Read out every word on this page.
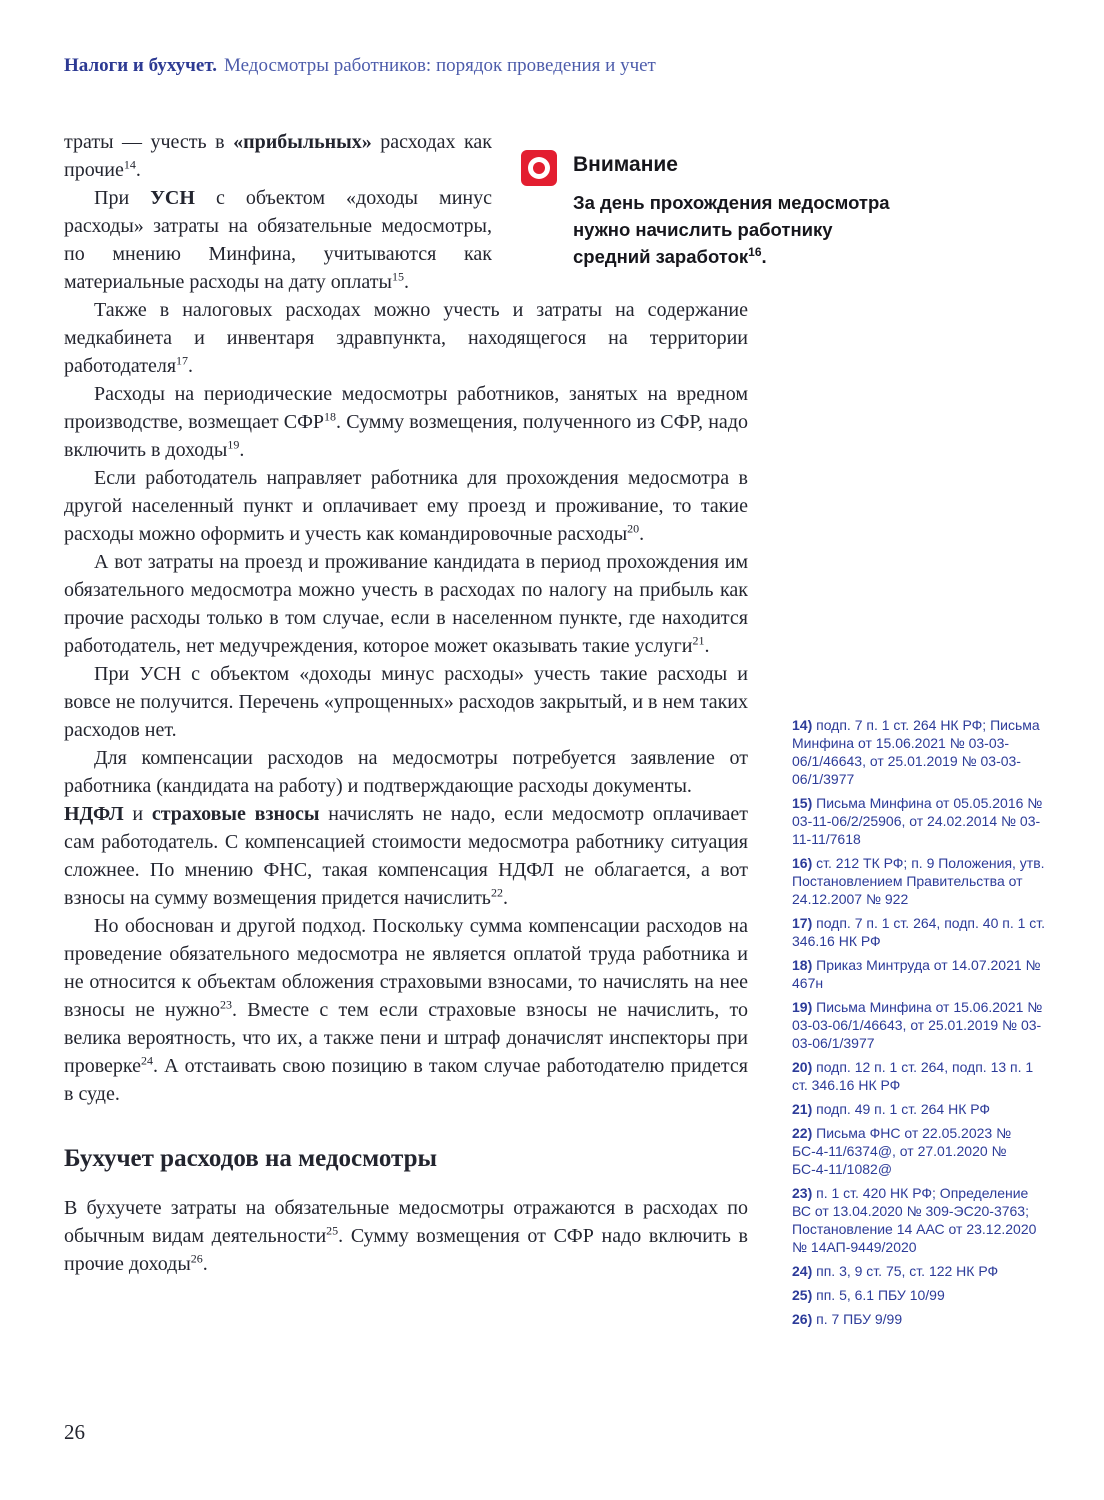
Налоги и бухучет. Медосмотры работников: порядок проведения и учет

траты — учесть в «прибыльных» расходах как прочие$^{14}$.

При УСН с объектом «доходы минус расходы» затраты на обязательные медосмотры, по мнению Минфина, учитываются как материальные расходы на дату оплаты$^{15}$.

Также в налоговых расходах можно учесть и затраты на содержание медкабинета и инвентаря здравпункта, находящегося на территории работодателя$^{17}$.

Расходы на периодические медосмотры работников, занятых на вредном производстве, возмещает СФР$^{18}$. Сумму возмещения, полученного из СФР, надо включить в доходы$^{19}$.

Если работодатель направляет работника для прохождения медосмотра в другой населенный пункт и оплачивает ему проезд и проживание, то такие расходы можно оформить и учесть как командировочные расходы$^{20}$.

А вот затраты на проезд и проживание кандидата в период прохождения им обязательного медосмотра можно учесть в расходах по налогу на прибыль как прочие расходы только в том случае, если в населенном пункте, где находится работодатель, нет медучреждения, которое может оказывать такие услуги$^{21}$.

При УСН с объектом «доходы минус расходы» учесть такие расходы и вовсе не получится. Перечень «упрощенных» расходов закрытый, и в нем таких расходов нет.

Для компенсации расходов на медосмотры потребуется заявление от работника (кандидата на работу) и подтверждающие расходы документы.

НДФЛ и страховые взносы начислять не надо, если медосмотр оплачивает сам работодатель. С компенсацией стоимости медосмотра работнику ситуация сложнее. По мнению ФНС, такая компенсация НДФЛ не облагается, а вот взносы на сумму возмещения придется начислить$^{22}$.

Но обоснован и другой подход. Поскольку сумма компенсации расходов на проведение обязательного медосмотра не является оплатой труда работника и не относится к объектам обложения страховыми взносами, то начислять на нее взносы не нужно$^{23}$. Вместе с тем если страховые взносы не начислить, то велика вероятность, что их, а также пени и штраф доначислят инспекторы при проверке$^{24}$. А отстаивать свою позицию в таком случае работодателю придется в суде.

Бухучет расходов на медосмотры

В бухучете затраты на обязательные медосмотры отражаются в расходах по обычным видам деятельности$^{25}$. Сумму возмещения от СФР надо включить в прочие доходы$^{26}$.

Внимание
За день прохождения медосмотра нужно начислить работнику средний заработок$^{16}$.
14) подп. 7 п. 1 ст. 264 НК РФ; Письма Минфина от 15.06.2021 № 03-03-06/1/46643, от 25.01.2019 № 03-03-06/1/3977
15) Письма Минфина от 05.05.2016 № 03-11-06/2/25906, от 24.02.2014 № 03-11-11/7618
16) ст. 212 ТК РФ; п. 9 Положения, утв. Постановлением Правительства от 24.12.2007 № 922
17) подп. 7 п. 1 ст. 264, подп. 40 п. 1 ст. 346.16 НК РФ
18) Приказ Минтруда от 14.07.2021 № 467н
19) Письма Минфина от 15.06.2021 № 03-03-06/1/46643, от 25.01.2019 № 03-03-06/1/3977
20) подп. 12 п. 1 ст. 264, подп. 13 п. 1 ст. 346.16 НК РФ
21) подп. 49 п. 1 ст. 264 НК РФ
22) Письма ФНС от 22.05.2023 № БС-4-11/6374@, от 27.01.2020 № БС-4-11/1082@
23) п. 1 ст. 420 НК РФ; Определение ВС от 13.04.2020 № 309-ЭС20-3763; Постановление 14 ААС от 23.12.2020 № 14АП-9449/2020
24) пп. 3, 9 ст. 75, ст. 122 НК РФ
25) пп. 5, 6.1 ПБУ 10/99
26) п. 7 ПБУ 9/99
26
